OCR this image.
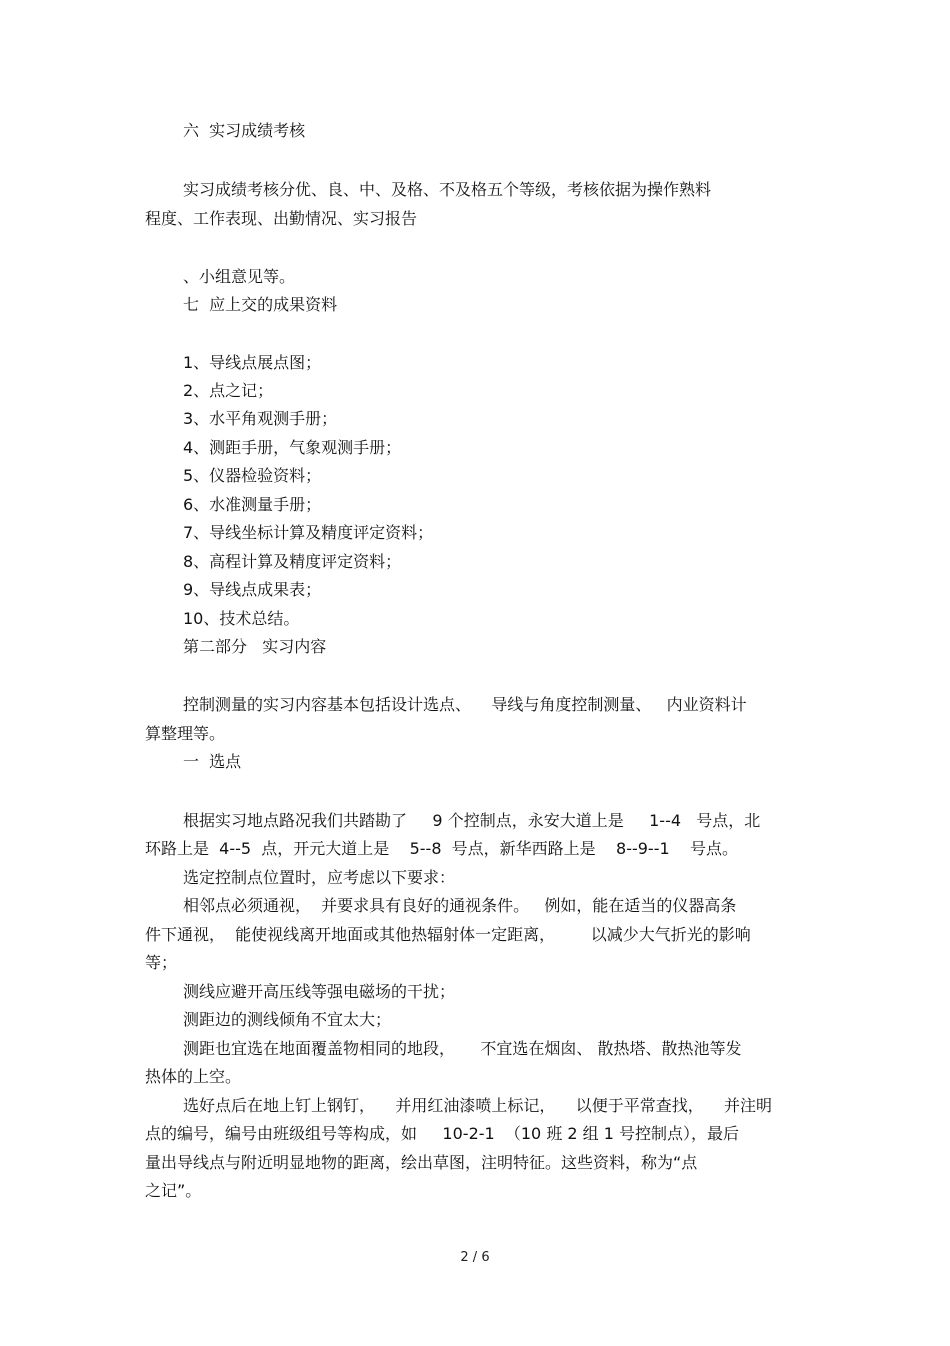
六  实习成绩考核
实习成绩考核分优、良、中、及格、不及格五个等级，考核依据为操作熟料
程度、工作表现、出勤情况、实习报告
、小组意见等。
七  应上交的成果资料
1、导线点展点图；
2、点之记；
3、水平角观测手册；
4、测距手册，气象观测手册；
5、仪器检验资料；
6、水准测量手册；
7、导线坐标计算及精度评定资料；
8、高程计算及精度评定资料；
9、导线点成果表；
10、技术总结。
第二部分   实习内容
控制测量的实习内容基本包括设计选点、    导线与角度控制测量、   内业资料计
算整理等。
一  选点
根据实习地点路况我们共踏勘了     9 个控制点，永安大道上是     1--4   号点，北
环路上是  4--5  点，开元大道上是    5--8  号点，新华西路上是    8--9--1    号点。
选定控制点位置时，应考虑以下要求：
相邻点必须通视，  并要求具有良好的通视条件。   例如，能在适当的仪器高条
件下通视，  能使视线离开地面或其他热辐射体一定距离，       以减少大气折光的影响
等；
测线应避开高压线等强电磁场的干扰；
测距边的测线倾角不宜太大；
测距也宜选在地面覆盖物相同的地段，     不宜选在烟囱、 散热塔、散热池等发
热体的上空。
选好点后在地上钉上钢钉，    并用红油漆喷上标记，    以便于平常查找，    并注明
点的编号，编号由班级组号等构成，如     10-2-1  （10 班 2 组 1 号控制点），最后
量出导线点与附近明显地物的距离，绘出草图，注明特征。这些资料，称为“点
之记”。
2 / 6
